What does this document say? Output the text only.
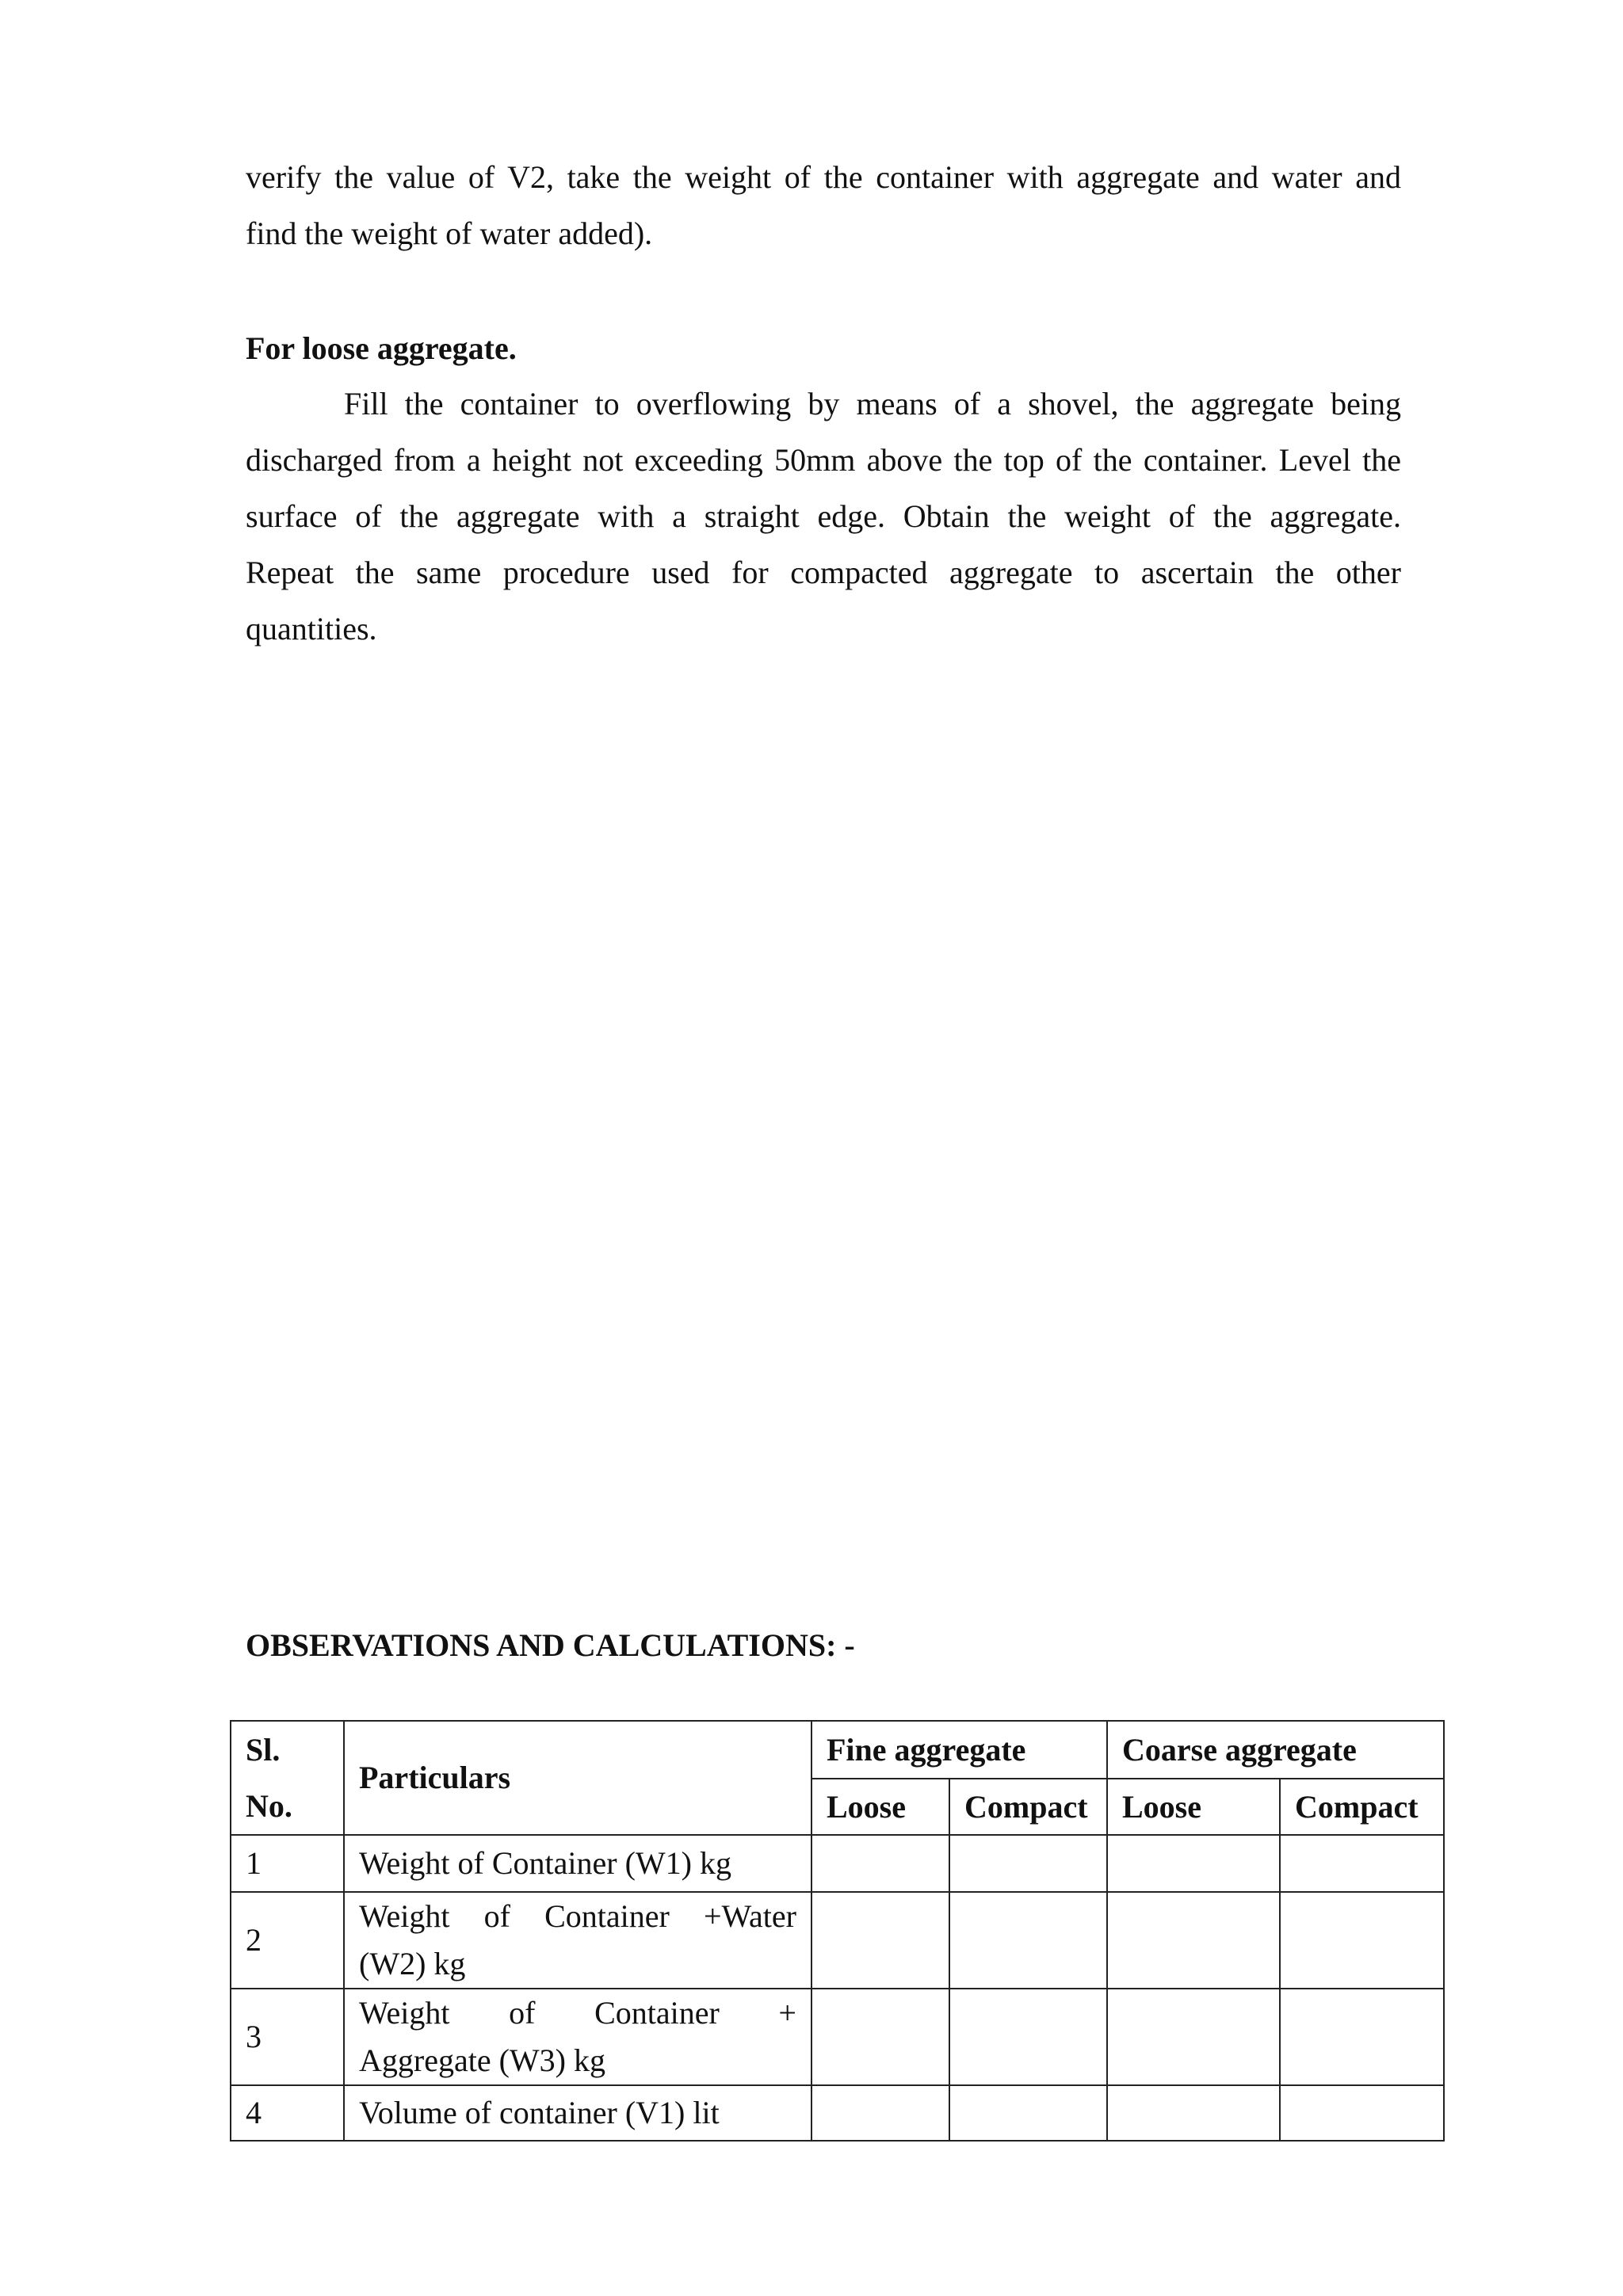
verify the value of V2, take the weight of the container with aggregate and water and
find the weight of water added).

For loose aggregate.

Fill the container to overflowing by means of a shovel, the aggregate being
discharged from a height not exceeding 50mm above the top of the container. Level the
surface of the aggregate with a straight edge. Obtain the weight of the aggregate.
Repeat the same procedure used for compacted aggregate to ascertain the other
quantities.

OBSERVATIONS AND CALCULATIONS: -
Sl.
No.	Particulars	Fine aggregate		Coarse aggregate	
		Loose	Compact	Loose	Compact
1	Weight of Container (W1) kg				
2	Weight of Container +Water
(W2) kg				

3	Weight of Container +
Aggregate (W3) kg				

4	Volume of container (V1) lit				
